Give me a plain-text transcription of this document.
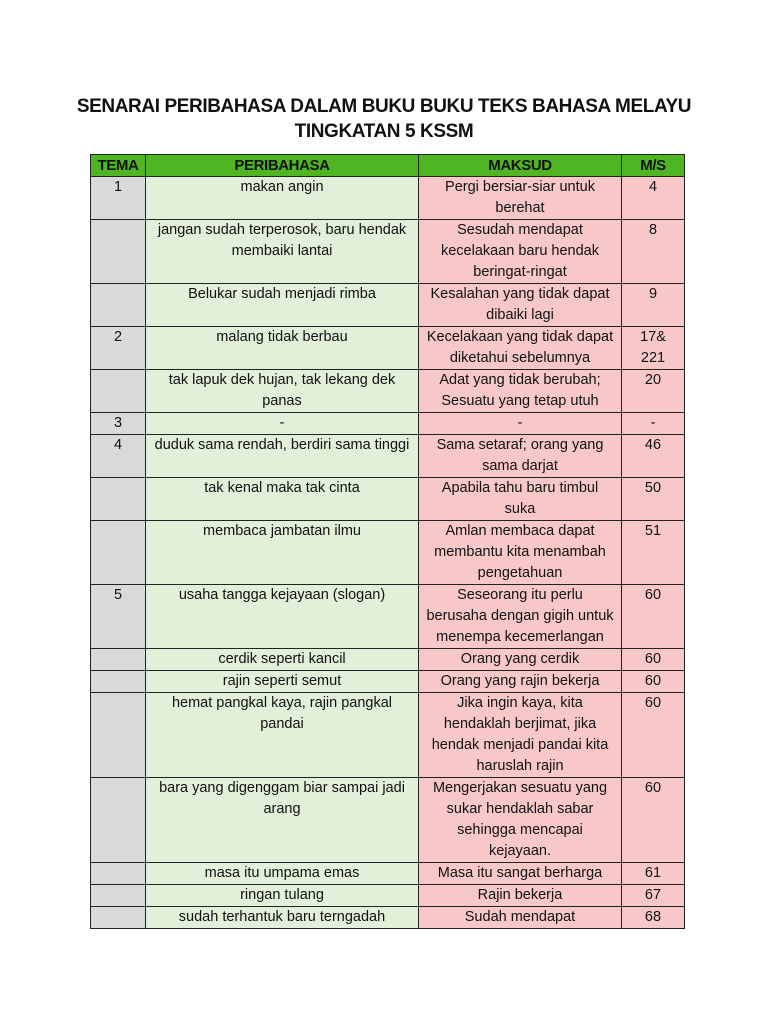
SENARAI PERIBAHASA DALAM BUKU BUKU TEKS BAHASA MELAYU
TINGKATAN 5 KSSM
TEMA	PERIBAHASA	MAKSUD	M/S
1	makan angin	Pergi bersiar-siar untuk berehat	4
	jangan sudah terperosok, baru hendak membaiki lantai	Sesudah mendapat kecelakaan baru hendak beringat-ringat	8
	Belukar sudah menjadi rimba	Kesalahan yang tidak dapat dibaiki lagi	9
2	malang tidak berbau	Kecelakaan yang tidak dapat diketahui sebelumnya	17& 221
	tak lapuk dek hujan, tak lekang dek panas	Adat yang tidak berubah; Sesuatu yang tetap utuh	20
3	-	-	-
4	duduk sama rendah, berdiri sama tinggi	Sama setaraf; orang yang sama darjat	46
	tak kenal maka tak cinta	Apabila tahu baru timbul suka	50
	membaca jambatan ilmu	Amlan membaca dapat membantu kita menambah pengetahuan	51
5	usaha tangga kejayaan (slogan)	Seseorang itu perlu berusaha dengan gigih untuk menempa kecemerlangan	60
	cerdik seperti kancil	Orang yang cerdik	60
	rajin seperti semut	Orang yang rajin bekerja	60
	hemat pangkal kaya, rajin pangkal pandai	Jika ingin kaya, kita hendaklah berjimat, jika hendak menjadi pandai kita haruslah rajin	60
	bara yang digenggam biar sampai jadi arang	Mengerjakan sesuatu yang sukar hendaklah sabar sehingga mencapai kejayaan.	60
	masa itu umpama emas	Masa itu sangat berharga	61
	ringan tulang	Rajin bekerja	67
	sudah terhantuk baru terngadah	Sudah mendapat	68
